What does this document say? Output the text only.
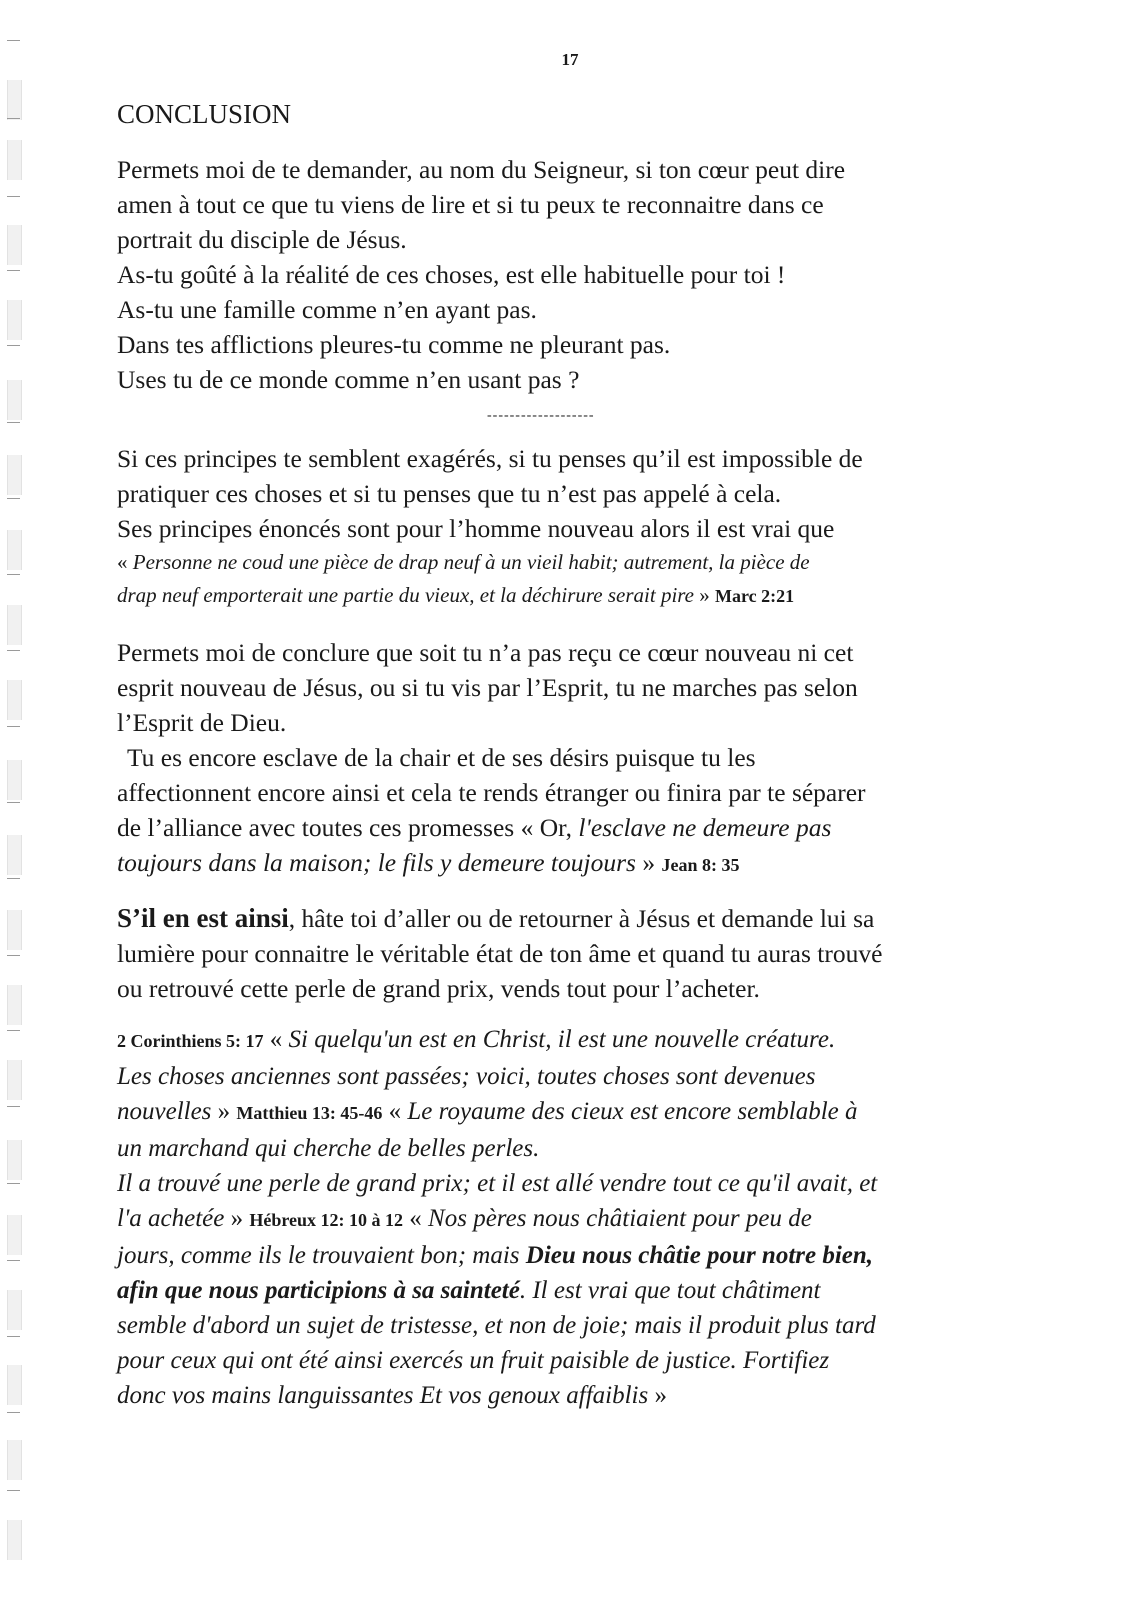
17
CONCLUSION

Permets moi de te demander, au nom du Seigneur, si ton cœur peut dire

amen à tout ce que tu viens de lire et si tu peux te reconnaitre dans ce

portrait du disciple de Jésus.

As-tu goûté à la réalité de ces choses, est elle habituelle pour toi !

As-tu une famille comme n’en ayant pas.

Dans tes afflictions pleures-tu comme ne pleurant pas.

Uses tu de ce monde comme n’en usant pas ?

-------------------

Si ces principes te semblent exagérés, si tu penses qu’il est impossible de

pratiquer ces choses et si tu penses que tu n’est pas appelé à cela.

Ses principes énoncés sont pour l’homme nouveau alors il est vrai que

« Personne ne coud une pièce de drap neuf à un vieil habit; autrement, la pièce de

drap neuf emporterait une partie du vieux, et la déchirure serait pire » Marc 2:21

Permets moi de conclure que soit tu n’a pas reçu ce cœur nouveau ni cet

esprit nouveau de Jésus, ou si tu vis par l’Esprit, tu ne marches pas selon

l’Esprit de Dieu.

Tu es encore esclave de la chair et de ses désirs puisque tu les

affectionnent encore ainsi et cela te rends étranger ou finira par te séparer

de l’alliance avec toutes ces promesses « Or, l'esclave ne demeure pas

toujours dans la maison; le fils y demeure toujours » Jean 8: 35

S’il en est ainsi, hâte toi d’aller ou de retourner à Jésus et demande lui sa

lumière pour connaitre le véritable état de ton âme et quand tu auras trouvé

ou retrouvé cette perle de grand prix, vends tout pour l’acheter.

2 Corinthiens 5: 17 « Si quelqu'un est en Christ, il est une nouvelle créature.

Les choses anciennes sont passées; voici, toutes choses sont devenues

nouvelles » Matthieu 13: 45-46 « Le royaume des cieux est encore semblable à

un marchand qui cherche de belles perles.

Il a trouvé une perle de grand prix; et il est allé vendre tout ce qu'il avait, et

l'a achetée » Hébreux 12: 10 à 12 « Nos pères nous châtiaient pour peu de

jours, comme ils le trouvaient bon; mais Dieu nous châtie pour notre bien,

afin que nous participions à sa sainteté. Il est vrai que tout châtiment

semble d'abord un sujet de tristesse, et non de joie; mais il produit plus tard

pour ceux qui ont été ainsi exercés un fruit paisible de justice. Fortifiez

donc vos mains languissantes Et vos genoux affaiblis »
